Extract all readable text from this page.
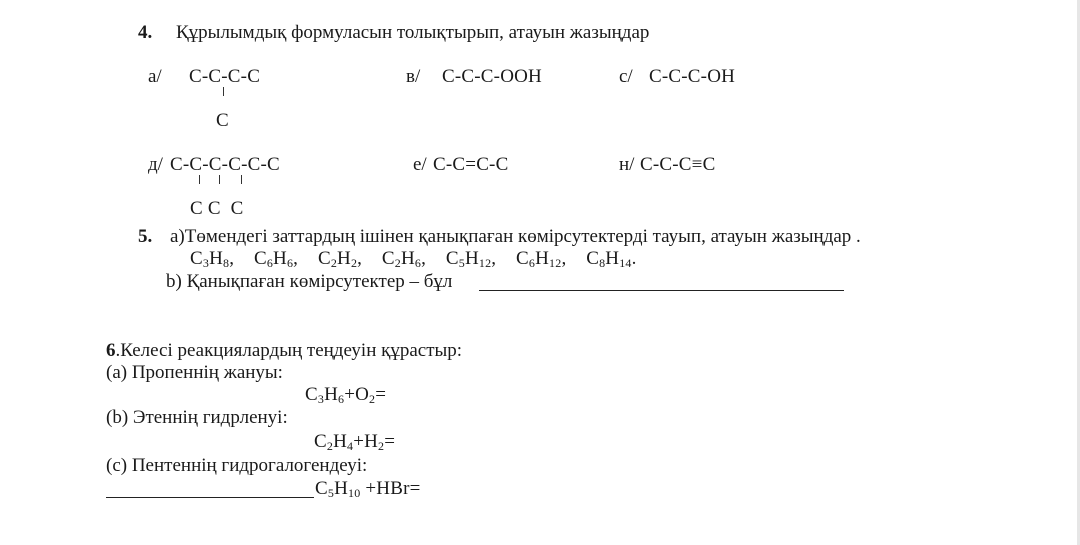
4. Құрылымдық формуласын толықтырып, атауын жазыңдар
а/ C-C-C-C
C
в/ C-C-C-OOH	с/ C-C-C-OH
д/ C-C-C-C-C-C
C C  C
е/ C-C=C-C	н/ C-C-C≡C
5. а)Төмендегі заттардың ішінен қанықпаған көмірсутектерді тауып, атауын жазыңдар .
$C_3H_8$, $C_6H_6$, $C_2H_2$, $C_2H_6$, $C_5H_{12}$, $C_6H_{12}$, $C_8H_{14}$.
b) Қанықпаған көмірсутектер – бұл
6.Келесі реакциялардың теңдеуін құрастыр:
(а) Пропеннің жануы:
$C_3H_6+O_2=$
(b) Этеннің гидрленуі:
$C_2H_4+H_2=$
(с) Пентеннің гидрогалогендеуі:
$C_5H_{10} +HBr=$
